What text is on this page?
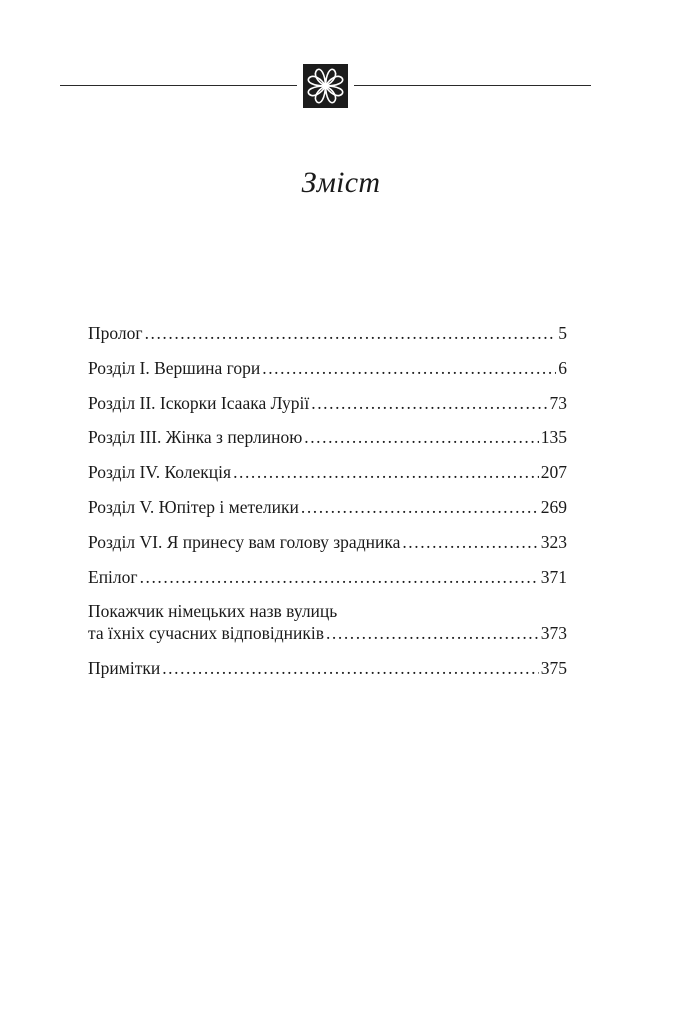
Зміст
Пролог . . .	5
Розділ I. Вершина гори . . .	6
Розділ II. Іскорки Ісаака Лурії . . .	73
Розділ III. Жінка з перлиною . . .	135
Розділ IV. Колекція . . .	207
Розділ V. Юпітер і метелики . . .	269
Розділ VI. Я принесу вам голову зрадника . . .	323
Епілог . . .	371
Покажчик німецьких назв вулиць
та їхніх сучасних відповідників . . .	373
Примітки . . .	375
